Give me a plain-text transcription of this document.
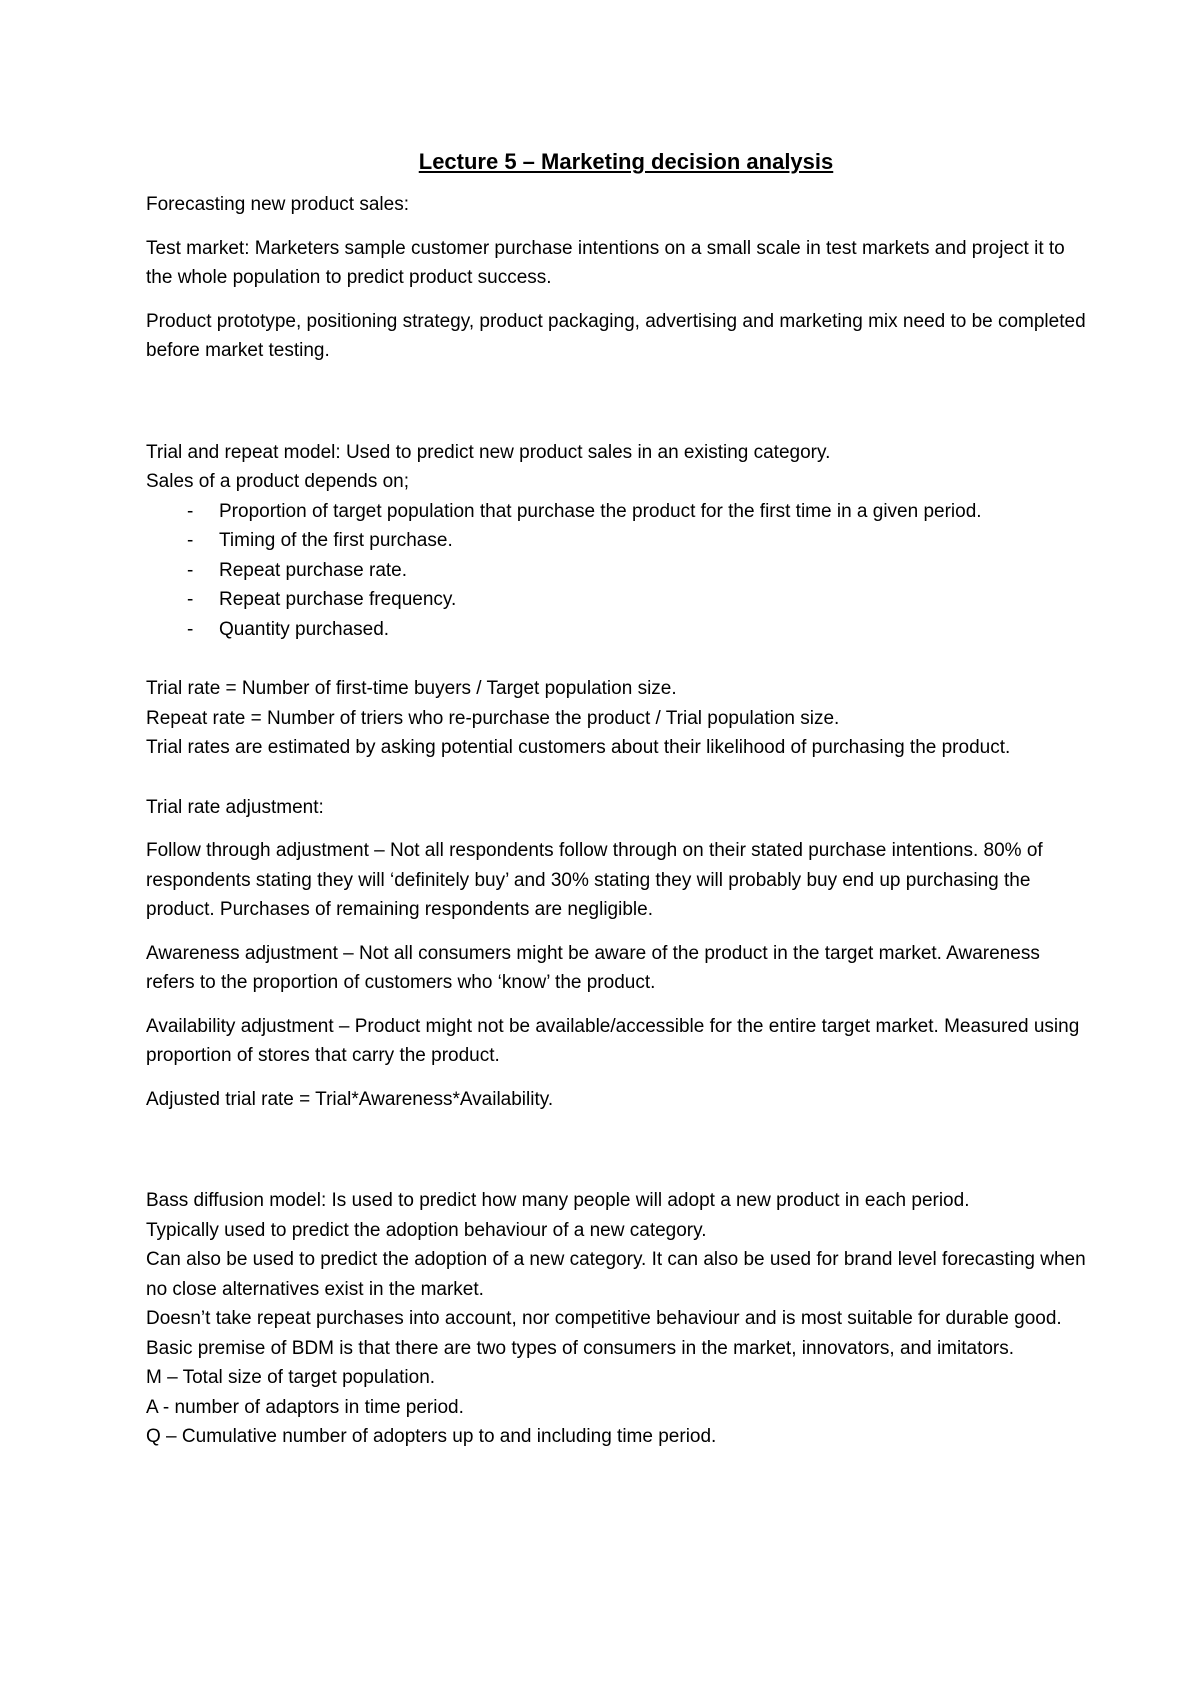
Lecture 5 – Marketing decision analysis

Forecasting new product sales:

Test market: Marketers sample customer purchase intentions on a small scale in test markets and project it to the whole population to predict product success.

Product prototype, positioning strategy, product packaging, advertising and marketing mix need to be completed before market testing.

Trial and repeat model: Used to predict new product sales in an existing category.
Sales of a product depends on;
- Proportion of target population that purchase the product for the first time in a given period.
- Timing of the first purchase.
- Repeat purchase rate.
- Repeat purchase frequency.
- Quantity purchased.
Trial rate = Number of first-time buyers / Target population size.
Repeat rate = Number of triers who re-purchase the product / Trial population size.
Trial rates are estimated by asking potential customers about their likelihood of purchasing the product.

Trial rate adjustment:

Follow through adjustment – Not all respondents follow through on their stated purchase intentions. 80% of respondents stating they will ‘definitely buy’ and 30% stating they will probably buy end up purchasing the product. Purchases of remaining respondents are negligible.

Awareness adjustment – Not all consumers might be aware of the product in the target market. Awareness refers to the proportion of customers who ‘know’ the product.

Availability adjustment – Product might not be available/accessible for the entire target market. Measured using proportion of stores that carry the product.

Adjusted trial rate = Trial*Awareness*Availability.

Bass diffusion model: Is used to predict how many people will adopt a new product in each period.
Typically used to predict the adoption behaviour of a new category.
Can also be used to predict the adoption of a new category. It can also be used for brand level forecasting when no close alternatives exist in the market.
Doesn’t take repeat purchases into account, nor competitive behaviour and is most suitable for durable good.
Basic premise of BDM is that there are two types of consumers in the market, innovators, and imitators.
M – Total size of target population.
A - number of adaptors in time period.
Q – Cumulative number of adopters up to and including time period.
